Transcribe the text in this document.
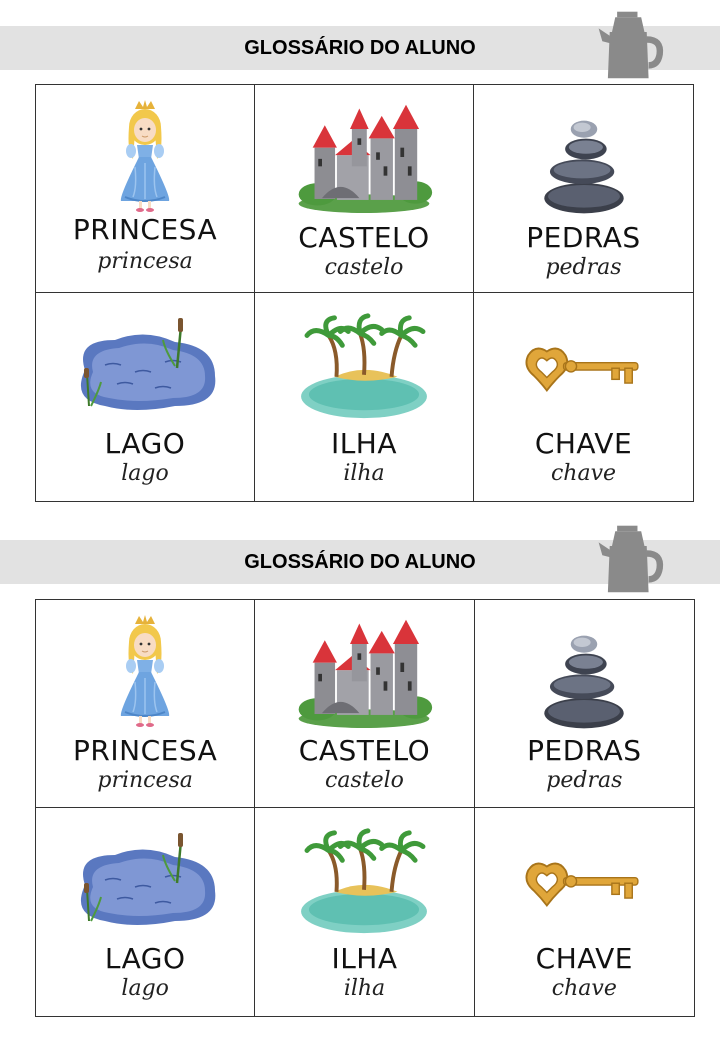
GLOSSÁRIO DO ALUNO
PRINCESA
princesa
CASTELO
castelo
PEDRAS
pedras
LAGO
lago
ILHA
ilha
CHAVE
chave
GLOSSÁRIO DO ALUNO
PRINCESA
princesa
CASTELO
castelo
PEDRAS
pedras
LAGO
lago
ILHA
ilha
CHAVE
chave
